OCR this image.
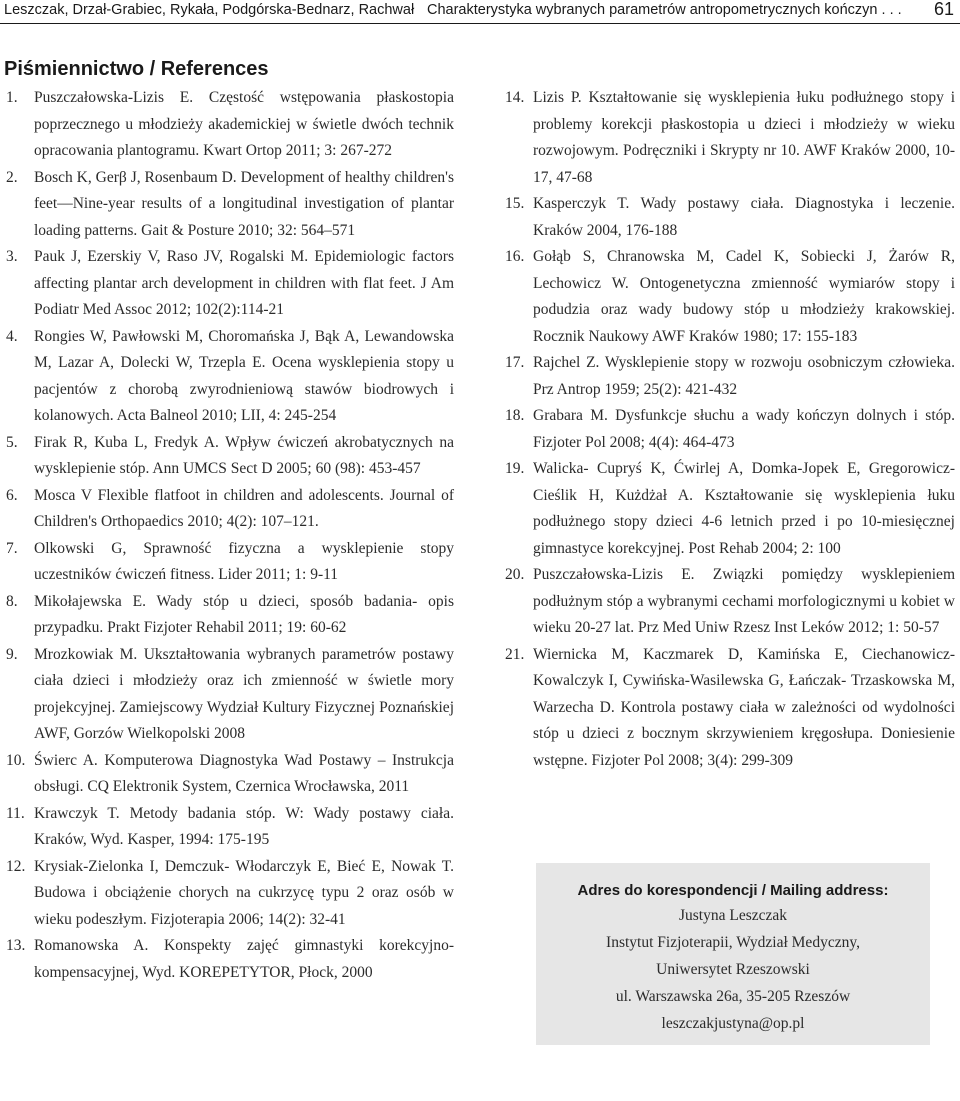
Leszczak, Drzał-Grabiec, Rykała, Podgórska-Bednarz, Rachwał Charakterystyka wybranych parametrów antropometrycznych kończyn . . . 61
Piśmiennictwo / References
1. Puszczałowska-Lizis E. Częstość wstępowania płaskostopia poprzecznego u młodzieży akademickiej w świetle dwóch technik opracowania plantogramu. Kwart Ortop 2011; 3: 267-272
2. Bosch K, Gerβ J, Rosenbaum D. Development of healthy children's feet—Nine-year results of a longitudinal investigation of plantar loading patterns. Gait & Posture 2010; 32: 564–571
3. Pauk J, Ezerskiy V, Raso JV, Rogalski M. Epidemiologic factors affecting plantar arch development in children with flat feet. J Am Podiatr Med Assoc 2012; 102(2):114-21
4. Rongies W, Pawłowski M, Choromańska J, Bąk A, Lewandowska M, Lazar A, Dolecki W, Trzepla E. Ocena wysklepienia stopy u pacjentów z chorobą zwyrodnieniową stawów biodrowych i kolanowych. Acta Balneol 2010; LII, 4: 245-254
5. Firak R, Kuba L, Fredyk A. Wpływ ćwiczeń akrobatycznych na wysklepienie stóp. Ann UMCS Sect D 2005; 60 (98): 453-457
6. Mosca V Flexible flatfoot in children and adolescents. Journal of Children's Orthopaedics 2010; 4(2): 107–121.
7. Olkowski G, Sprawność fizyczna a wysklepienie stopy uczestników ćwiczeń fitness. Lider 2011; 1: 9-11
8. Mikołajewska E. Wady stóp u dzieci, sposób badania- opis przypadku. Prakt Fizjoter Rehabil 2011; 19: 60-62
9. Mrozkowiak M. Ukształtowania wybranych parametrów postawy ciała dzieci i młodzieży oraz ich zmienność w świetle mory projekcyjnej. Zamiejscowy Wydział Kultury Fizycznej Poznańskiej AWF, Gorzów Wielkopolski 2008
10. Świerc A. Komputerowa Diagnostyka Wad Postawy – Instrukcja obsługi. CQ Elektronik System, Czernica Wrocławska, 2011
11. Krawczyk T. Metody badania stóp. W: Wady postawy ciała. Kraków, Wyd. Kasper, 1994: 175-195
12. Krysiak-Zielonka I, Demczuk- Włodarczyk E, Bieć E, Nowak T. Budowa i obciążenie chorych na cukrzycę typu 2 oraz osób w wieku podeszłym. Fizjoterapia 2006; 14(2): 32-41
13. Romanowska A. Konspekty zajęć gimnastyki korekcyjno-kompensacyjnej, Wyd. KOREPETYTOR, Płock, 2000
14. Lizis P. Kształtowanie się wysklepienia łuku podłużnego stopy i problemy korekcji płaskostopia u dzieci i młodzieży w wieku rozwojowym. Podręczniki i Skrypty nr 10. AWF Kraków 2000, 10-17, 47-68
15. Kasperczyk T. Wady postawy ciała. Diagnostyka i leczenie. Kraków 2004, 176-188
16. Gołąb S, Chranowska M, Cadel K, Sobiecki J, Żarów R, Lechowicz W. Ontogenetyczna zmienność wymiarów stopy i podudzia oraz wady budowy stóp u młodzieży krakowskiej. Rocznik Naukowy AWF Kraków 1980; 17: 155-183
17. Rajchel Z. Wysklepienie stopy w rozwoju osobniczym człowieka. Prz Antrop 1959; 25(2): 421-432
18. Grabara M. Dysfunkcje słuchu a wady kończyn dolnych i stóp. Fizjoter Pol 2008; 4(4): 464-473
19. Walicka- Cupryś K, Ćwirlej A, Domka-Jopek E, Gregorowicz- Cieślik H, Kużdżał A. Kształtowanie się wysklepienia łuku podłużnego stopy dzieci 4-6 letnich przed i po 10-miesięcznej gimnastyce korekcyjnej. Post Rehab 2004; 2: 100
20. Puszczałowska-Lizis E. Związki pomiędzy wysklepieniem podłużnym stóp a wybranymi cechami morfologicznymi u kobiet w wieku 20-27 lat. Prz Med Uniw Rzesz Inst Leków 2012; 1: 50-57
21. Wiernicka M, Kaczmarek D, Kamińska E, Ciechanowicz-Kowalczyk I, Cywińska-Wasilewska G, Łańczak- Trzaskowska M, Warzecha D. Kontrola postawy ciała w zależności od wydolności stóp u dzieci z bocznym skrzywieniem kręgosłupa. Doniesienie wstępne. Fizjoter Pol 2008; 3(4): 299-309
Adres do korespondencji / Mailing address:
Justyna Leszczak
Instytut Fizjoterapii, Wydział Medyczny,
Uniwersytet Rzeszowski
ul. Warszawska 26a, 35-205 Rzeszów
leszczakjustyna@op.pl
